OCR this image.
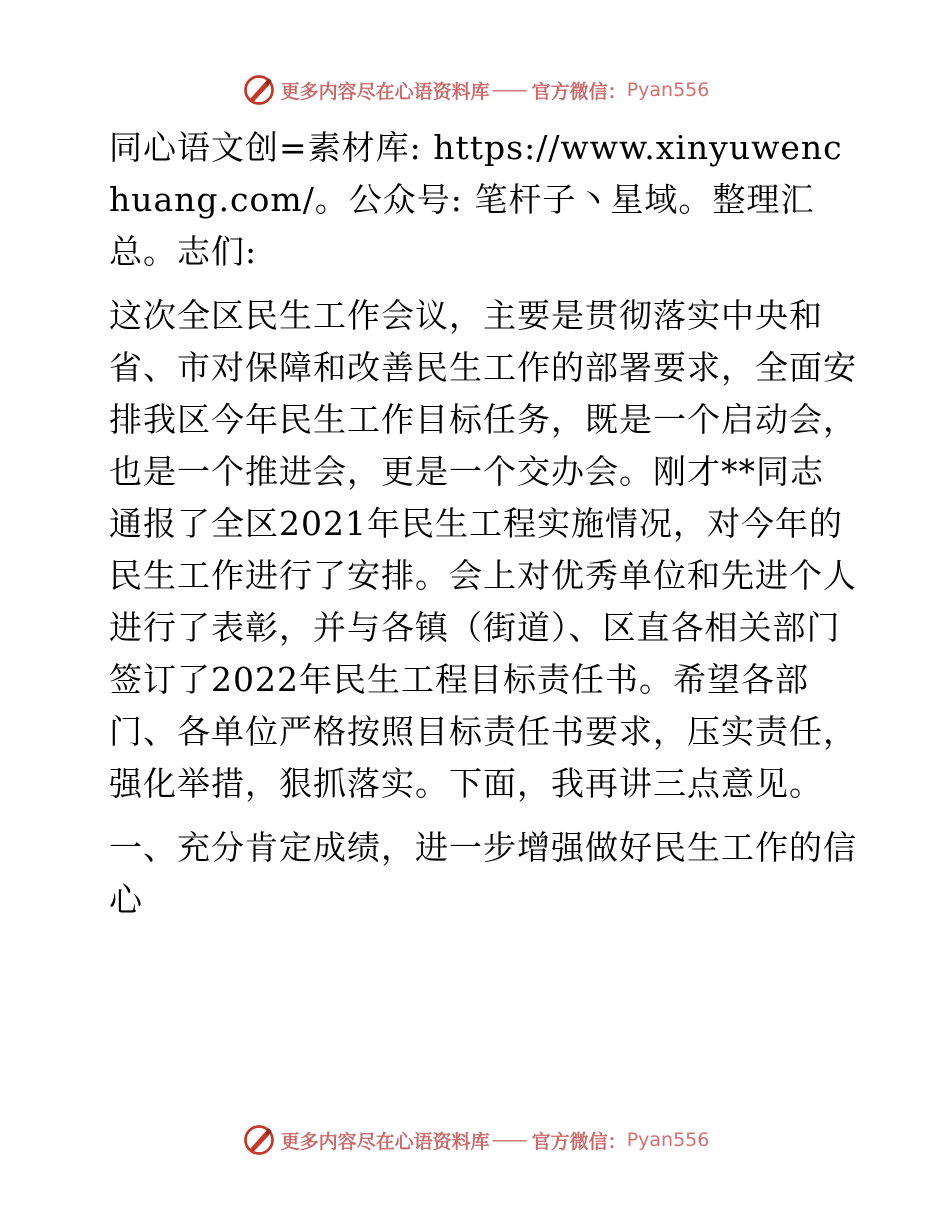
更多内容尽在心语资料库 —— 官方微信： Pyan556

同心语文创=素材库: https://www.xinyuwenchuang.com/。公众号: 笔杆子丶星域。整理汇总。志们:

这次全区民生工作会议，主要是贯彻落实中央和省、市对保障和改善民生工作的部署要求，全面安排我区今年民生工作目标任务，既是一个启动会，也是一个推进会，更是一个交办会。刚才**同志通报了全区2021年民生工程实施情况，对今年的民生工作进行了安排。会上对优秀单位和先进个人进行了表彰，并与各镇（街道）、区直各相关部门签订了2022年民生工程目标责任书。希望各部门、各单位严格按照目标责任书要求，压实责任，强化举措，狠抓落实。下面，我再讲三点意见。

一、充分肯定成绩，进一步增强做好民生工作的信心

更多内容尽在心语资料库 —— 官方微信： Pyan556
